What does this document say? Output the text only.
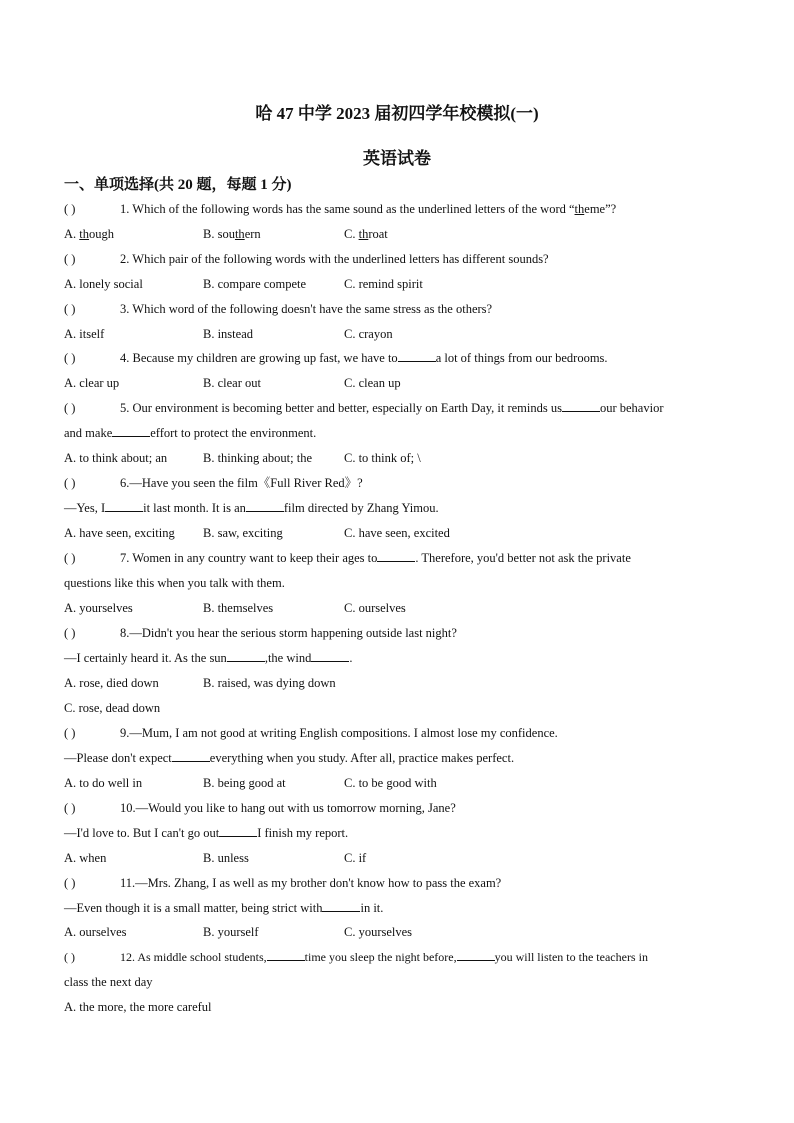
哈 47 中学 2023 届初四学年校模拟(一)
英语试卷
一、单项选择(共 20 题，每题 1 分)
( )	1. Which of the following words has the same sound as the underlined letters of the word “theme”?
A. though	B. southern	C. throat
( )	2. Which pair of the following words with the underlined letters has different sounds?
A. lonely social	B. compare compete	C. remind spirit
( )	3. Which word of the following doesn't have the same stress as the others?
A. itself	B. instead	C. crayon
( )	4. Because my children are growing up fast, we have to	a lot of things from our bedrooms.
A. clear up	B. clear out	C. clean up
( )	5. Our environment is becoming better and better, especially on Earth Day, it reminds us	our behavior
and make	effort to protect the environment.
A. to think about; an	B. thinking about; the	C. to think of; \
( )	6.—Have you seen the film《Full River Red》?
—Yes, I	it last month. It is an	film directed by Zhang Yimou.
A. have seen, exciting B. saw, exciting	C. have seen, excited
( )	7. Women in any country want to keep their ages to	. Therefore, you'd better not ask the private
questions like this when you talk with them.
A. yourselves	B. themselves	C. ourselves
( )	8.—Didn't you hear the serious storm happening outside last night?
—I certainly heard it. As the sun	,the wind	.
A. rose, died down	B. raised, was dying down
C. rose, dead down
( )	9.—Mum, I am not good at writing English compositions. I almost lose my confidence.
—Please don't expect	everything when you study. After all, practice makes perfect.
A. to do well in	B. being good at	C. to be good with
( )	10.—Would you like to hang out with us tomorrow morning, Jane?
—I'd love to. But I can't go out	I finish my report.
A. when	B. unless	C. if
( )	11.—Mrs. Zhang, I as well as my brother don't know how to pass the exam?
—Even though it is a small matter, being strict with	in it.
A. ourselves	B. yourself	C. yourselves
( )	12. As middle school students,	time you sleep the night before,	you will listen to the teachers in
class the next day
A. the more, the more careful
